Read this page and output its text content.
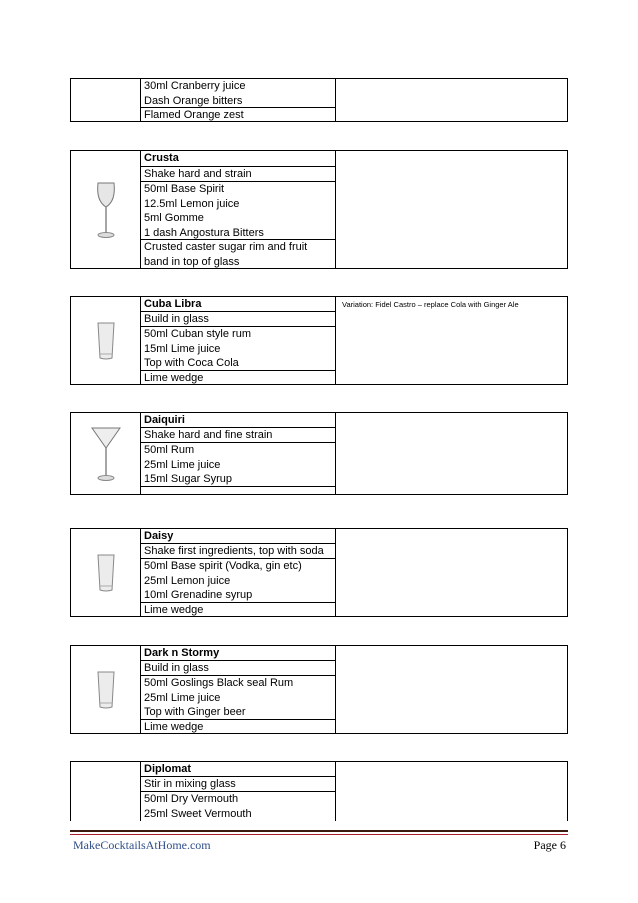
30ml Cranberry juice
Dash Orange bitters
Flamed Orange zest
Crusta
Shake hard and strain
50ml Base Spirit
12.5ml Lemon juice
5ml Gomme
1 dash Angostura Bitters
Crusted caster sugar rim and fruit
band in top of glass
Cuba Libra
Build in glass
50ml Cuban style rum
15ml Lime juice
Top with Coca Cola
Lime wedge
Variation: Fidel Castro – replace Cola with Ginger Ale
Daiquiri
Shake hard and fine strain
50ml Rum
25ml Lime juice
15ml Sugar Syrup
Daisy
Shake first ingredients, top with soda
50ml Base spirit (Vodka, gin etc)
25ml Lemon juice
10ml Grenadine syrup
Lime wedge
Dark n Stormy
Build in glass
50ml Goslings Black seal Rum
25ml Lime juice
Top with Ginger beer
Lime wedge
Diplomat
Stir in mixing glass
50ml Dry Vermouth
25ml Sweet Vermouth
MakeCocktailsAtHome.com	Page 6
